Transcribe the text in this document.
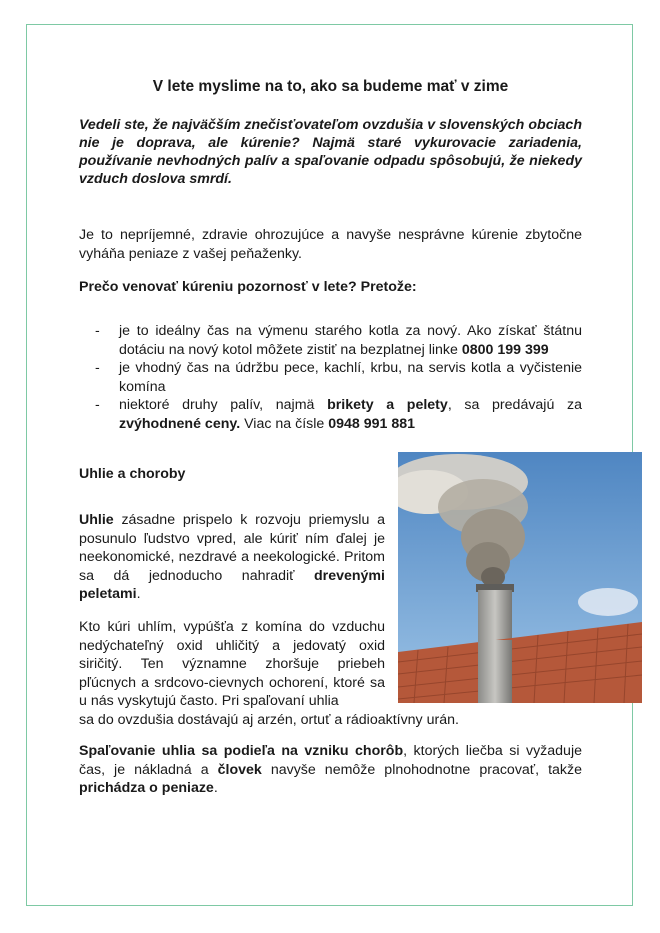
V lete myslime na to, ako sa budeme mať v zime

Vedeli ste, že najväčším znečisťovateľom ovzdušia v slovenských obciach nie je doprava, ale kúrenie? Najmä staré vykurovacie zariadenia, používanie nevhodných palív a spaľovanie odpadu spôsobujú, že niekedy vzduch doslova smrdí.

Je to nepríjemné, zdravie ohrozujúce a navyše nesprávne kúrenie zbytočne vyháňa peniaze z vašej peňaženky.

Prečo venovať kúreniu pozornosť v lete? Pretože:

- je to ideálny čas na výmenu starého kotla za nový. Ako získať štátnu dotáciu na nový kotol môžete zistiť na bezplatnej linke 0800 199 399
- je vhodný čas na údržbu pece, kachlí, krbu, na servis kotla a vyčistenie komína
- niektoré druhy palív, najmä brikety a pelety, sa predávajú za zvýhodnené ceny. Viac na čísle 0948 991 881

Uhlie a choroby

Uhlie zásadne prispelo k rozvoju priemyslu a posunulo ľudstvo vpred, ale kúriť ním ďalej je neekonomické, nezdravé a neekologické. Pritom sa dá jednoducho nahradiť drevenými peletami.

Kto kúri uhlím, vypúšťa z komína do vzduchu nedýchateľný oxid uhličitý a jedovatý oxid siričitý. Ten významne zhoršuje priebeh pľúcnych a srdcovo-cievnych ochorení, ktoré sa u nás vyskytujú často. Pri spaľovaní uhlia

sa do ovzdušia dostávajú aj arzén, ortuť a rádioaktívny urán.

Spaľovanie uhlia sa podieľa na vzniku chorôb, ktorých liečba si vyžaduje čas, je nákladná a človek navyše nemôže plnohodnotne pracovať, takže prichádza o peniaze.
